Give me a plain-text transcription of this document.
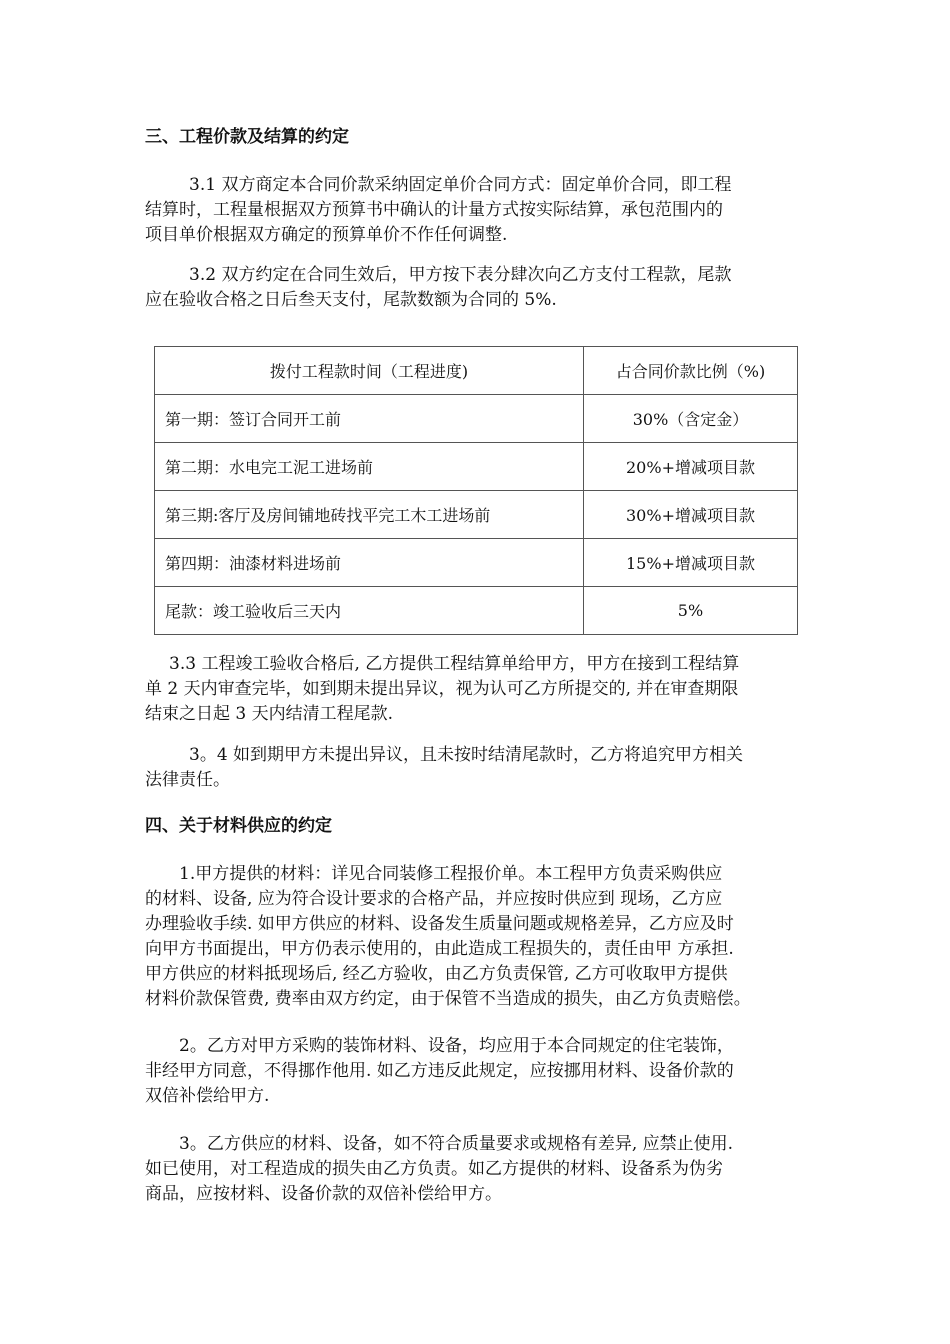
三、工程价款及结算的约定

3.1 双方商定本合同价款采纳固定单价合同方式：固定单价合同，即工程
结算时，工程量根据双方预算书中确认的计量方式按实际结算，承包范围内的
项目单价根据双方确定的预算单价不作任何调整.

3.2 双方约定在合同生效后，甲方按下表分肆次向乙方支付工程款，尾款
应在验收合格之日后叁天支付，尾款数额为合同的 5%.

拨付工程款时间（工程进度)	占合同价款比例（%)
第一期：签订合同开工前	30%（含定金）
第二期：水电完工泥工进场前	20%+增减项目款
第三期:客厅及房间铺地砖找平完工木工进场前	30%+增减项目款
第四期：油漆材料进场前	15%+增减项目款
尾款：竣工验收后三天内	5%

3.3 工程竣工验收合格后, 乙方提供工程结算单给甲方，甲方在接到工程结算
单 2 天内审查完毕，如到期未提出异议，视为认可乙方所提交的, 并在审查期限
结束之日起 3 天内结清工程尾款.

3。4 如到期甲方未提出异议，且未按时结清尾款时，乙方将追究甲方相关
法律责任。

四、关于材料供应的约定

1.甲方提供的材料：详见合同装修工程报价单。本工程甲方负责采购供应
的材料、设备, 应为符合设计要求的合格产品，并应按时供应到 现场，乙方应
办理验收手续. 如甲方供应的材料、设备发生质量问题或规格差异，乙方应及时
向甲方书面提出，甲方仍表示使用的，由此造成工程损失的，责任由甲 方承担.
甲方供应的材料抵现场后, 经乙方验收，由乙方负责保管, 乙方可收取甲方提供
材料价款保管费, 费率由双方约定，由于保管不当造成的损失，由乙方负责赔偿。

2。乙方对甲方采购的装饰材料、设备，均应用于本合同规定的住宅装饰，
非经甲方同意，不得挪作他用. 如乙方违反此规定，应按挪用材料、设备价款的
双倍补偿给甲方.

3。乙方供应的材料、设备，如不符合质量要求或规格有差异, 应禁止使用.
如已使用，对工程造成的损失由乙方负责。如乙方提供的材料、设备系为伪劣
商品，应按材料、设备价款的双倍补偿给甲方。
